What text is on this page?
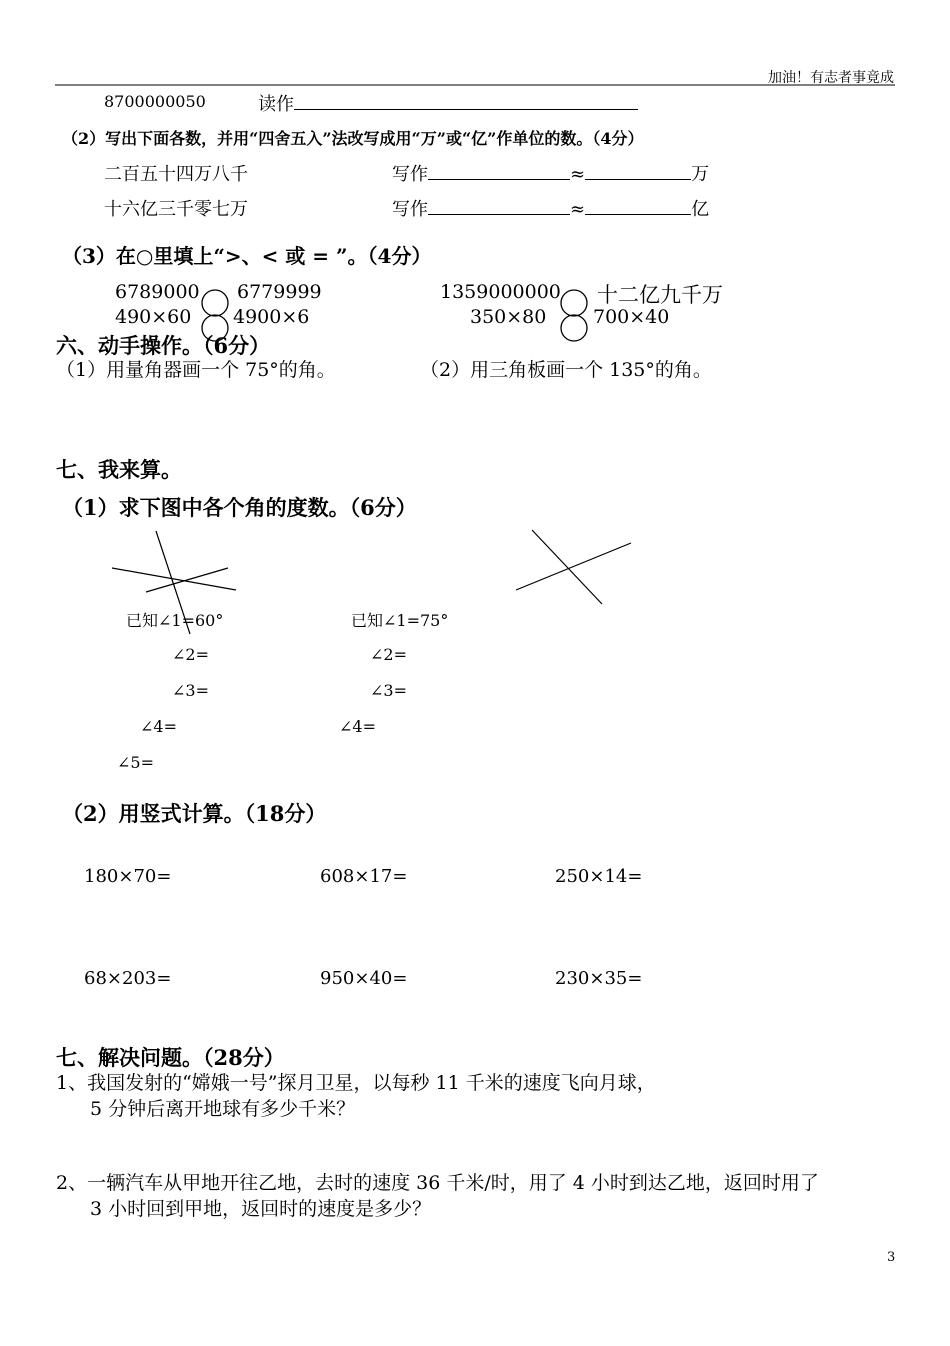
加油！有志者事竟成
8700000050	读作
（2）写出下面各数，并用“四舍五入”法改写成用“万”或“亿”作单位的数。（4分）
二百五十四万八千	写作	≈	万
十六亿三千零七万	写作	≈	亿
（3）在○里填上“>、< 或 = ”。（4分）
6789000 6779999
490×60 4900×6
1359000000 十二亿九千万
350×80 700×40
六、动手操作。（6分）
（1）用量角器画一个 75°的角。	（2）用三角板画一个 135°的角。
七、我来算。
（1）求下图中各个角的度数。（6分）
已知∠1=60°
∠2=
∠3=
∠4=
∠5=
已知∠1=75°
∠2=
∠3=
∠4=
（2）用竖式计算。（18分）
180×70=	608×17=	250×14=
68×203=	950×40=	230×35=
七、解决问题。（28分）
1、我国发射的“嫦娥一号”探月卫星，以每秒 11 千米的速度飞向月球，
5 分钟后离开地球有多少千米？
2、一辆汽车从甲地开往乙地，去时的速度 36 千米/时，用了 4 小时到达乙地，返回时用了
3 小时回到甲地，返回时的速度是多少？
3
